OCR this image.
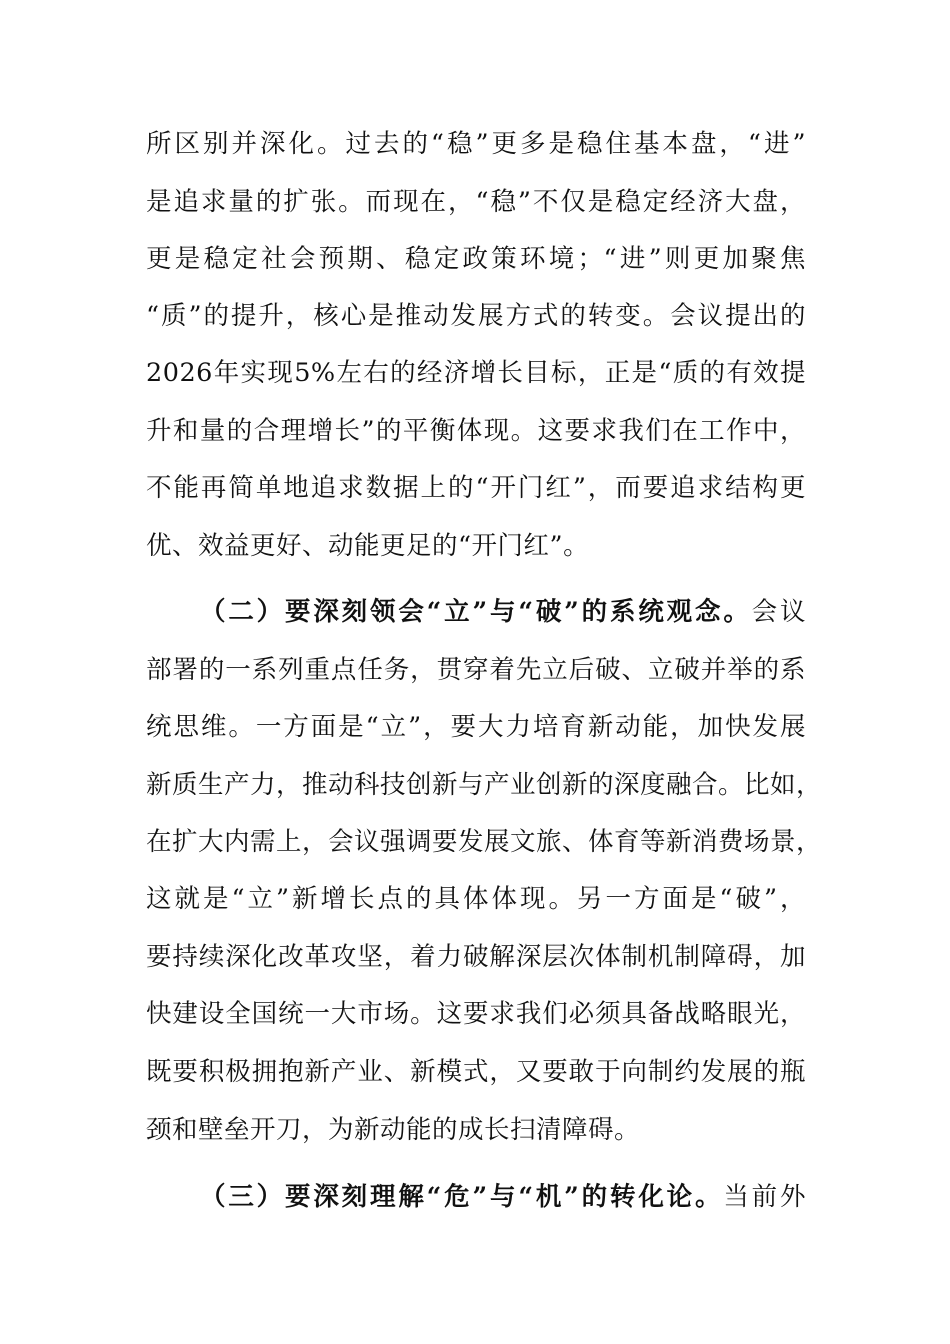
所区别并深化。过去的“稳”更多是稳住基本盘，“进”
是追求量的扩张。而现在，“稳”不仅是稳定经济大盘，
更是稳定社会预期、稳定政策环境；“进”则更加聚焦
“质”的提升，核心是推动发展方式的转变。会议提出的
2026年实现5%左右的经济增长目标，正是“质的有效提
升和量的合理增长”的平衡体现。这要求我们在工作中，
不能再简单地追求数据上的“开门红”，而要追求结构更
优、效益更好、动能更足的“开门红”。
（二）要深刻领会“立”与“破”的系统观念。会议
部署的一系列重点任务，贯穿着先立后破、立破并举的系
统思维。一方面是“立”，要大力培育新动能，加快发展
新质生产力，推动科技创新与产业创新的深度融合。比如，
在扩大内需上，会议强调要发展文旅、体育等新消费场景，
这就是“立”新增长点的具体体现。另一方面是“破”，
要持续深化改革攻坚，着力破解深层次体制机制障碍，加
快建设全国统一大市场。这要求我们必须具备战略眼光，
既要积极拥抱新产业、新模式，又要敢于向制约发展的瓶
颈和壁垒开刀，为新动能的成长扫清障碍。
（三）要深刻理解“危”与“机”的转化论。当前外
